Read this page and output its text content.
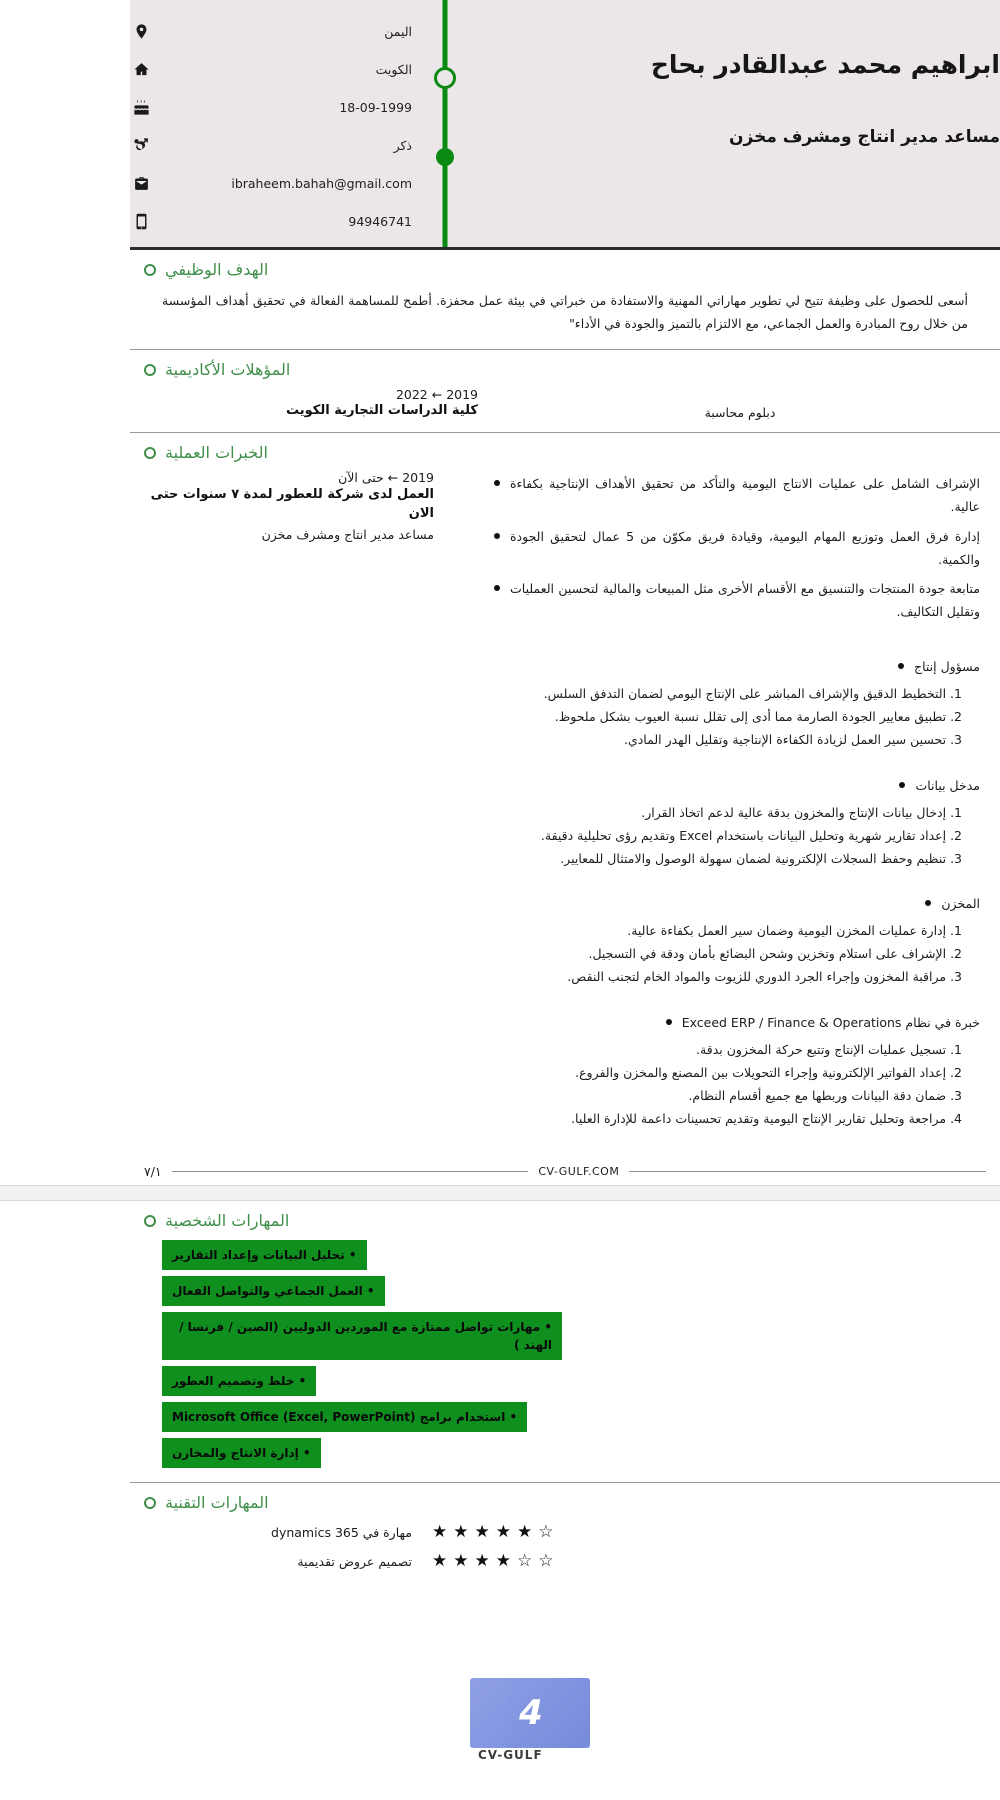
اليمن
الكويت
18-09-1999
ذكر
ibraheem.bahah@gmail.com
94946741
ابراهيم محمد عبدالقادر بحاح
مساعد مدير انتاج ومشرف مخزن
الهدف الوظيفي
أسعى للحصول على وظيفة تتيح لي تطوير مهاراتي المهنية والاستفادة من خبراتي في بيئة عمل محفزة. أطمح للمساهمة الفعالة في تحقيق أهداف المؤسسة من خلال روح المبادرة والعمل الجماعي، مع الالتزام بالتميز والجودة في الأداء"
المؤهلات الأكاديمية
2019 ← 2022
كلية الدراسات التجارية الكويت	دبلوم محاسبة
الخبرات العملية
2019 ← حتى الآن
العمل لدى شركة للعطور لمدة ٧ سنوات حتى الان
مساعد مدير انتاج ومشرف مخزن
الإشراف الشامل على عمليات الانتاج اليومية والتأكد من تحقيق الأهداف الإنتاجية بكفاءة عالية.
إدارة فرق العمل وتوزيع المهام اليومية، وقيادة فريق مكوّن من 5 عمال لتحقيق الجودة والكمية.
متابعة جودة المنتجات والتنسيق مع الأقسام الأخرى مثل المبيعات والمالية لتحسين العمليات وتقليل التكاليف.
مسؤول إنتاج
1. التخطيط الدقيق والإشراف المباشر على الإنتاج اليومي لضمان التدفق السلس.
2. تطبيق معايير الجودة الصارمة مما أدى إلى تقلل نسبة العيوب بشكل ملحوظ.
3. تحسين سير العمل لزيادة الكفاءة الإنتاجية وتقليل الهدر المادي.
مدخل بيانات
1. إدخال بيانات الإنتاج والمخزون بدقة عالية لدعم اتخاذ القرار.
2. إعداد تقارير شهرية وتحليل البيانات باستخدام Excel وتقديم رؤى تحليلية دقيقة.
3. تنظيم وحفظ السجلات الإلكترونية لضمان سهولة الوصول والامتثال للمعايير.
المخزن
1. إدارة عمليات المخزن اليومية وضمان سير العمل بكفاءة عالية.
2. الإشراف على استلام وتخزين وشحن البضائع بأمان ودقة في التسجيل.
3. مراقبة المخزون وإجراء الجرد الدوري للزيوت والمواد الخام لتجنب النقص.
خبرة في نظام Exceed ERP / Finance & Operations
1. تسجيل عمليات الإنتاج وتتبع حركة المخزون بدقة.
2. إعداد الفواتير الإلكترونية وإجراء التحويلات بين المصنع والمخزن والفروع.
3. ضمان دقة البيانات وربطها مع جميع أقسام النظام.
4. مراجعة وتحليل تقارير الإنتاج اليومية وتقديم تحسينات داعمة للإدارة العليا.
٧/١	CV-GULF.COM
المهارات الشخصية
• تحليل البيانات وإعداد التقارير
• العمل الجماعي والتواصل الفعال
• مهارات تواصل ممتازة مع الموردين الدوليين (الصين / فرنسا / الهند )
• خلط وتصميم العطور
• استخدام برامج (Microsoft Office (Excel, PowerPoint
• إدارة الانتاج والمخازن
المهارات التقنية
مهارة في dynamics 365 ★ ★ ★ ★ ★ ☆
تصميم عروض تقديمية ★ ★ ★ ★ ☆ ☆
4
CV-GULF
